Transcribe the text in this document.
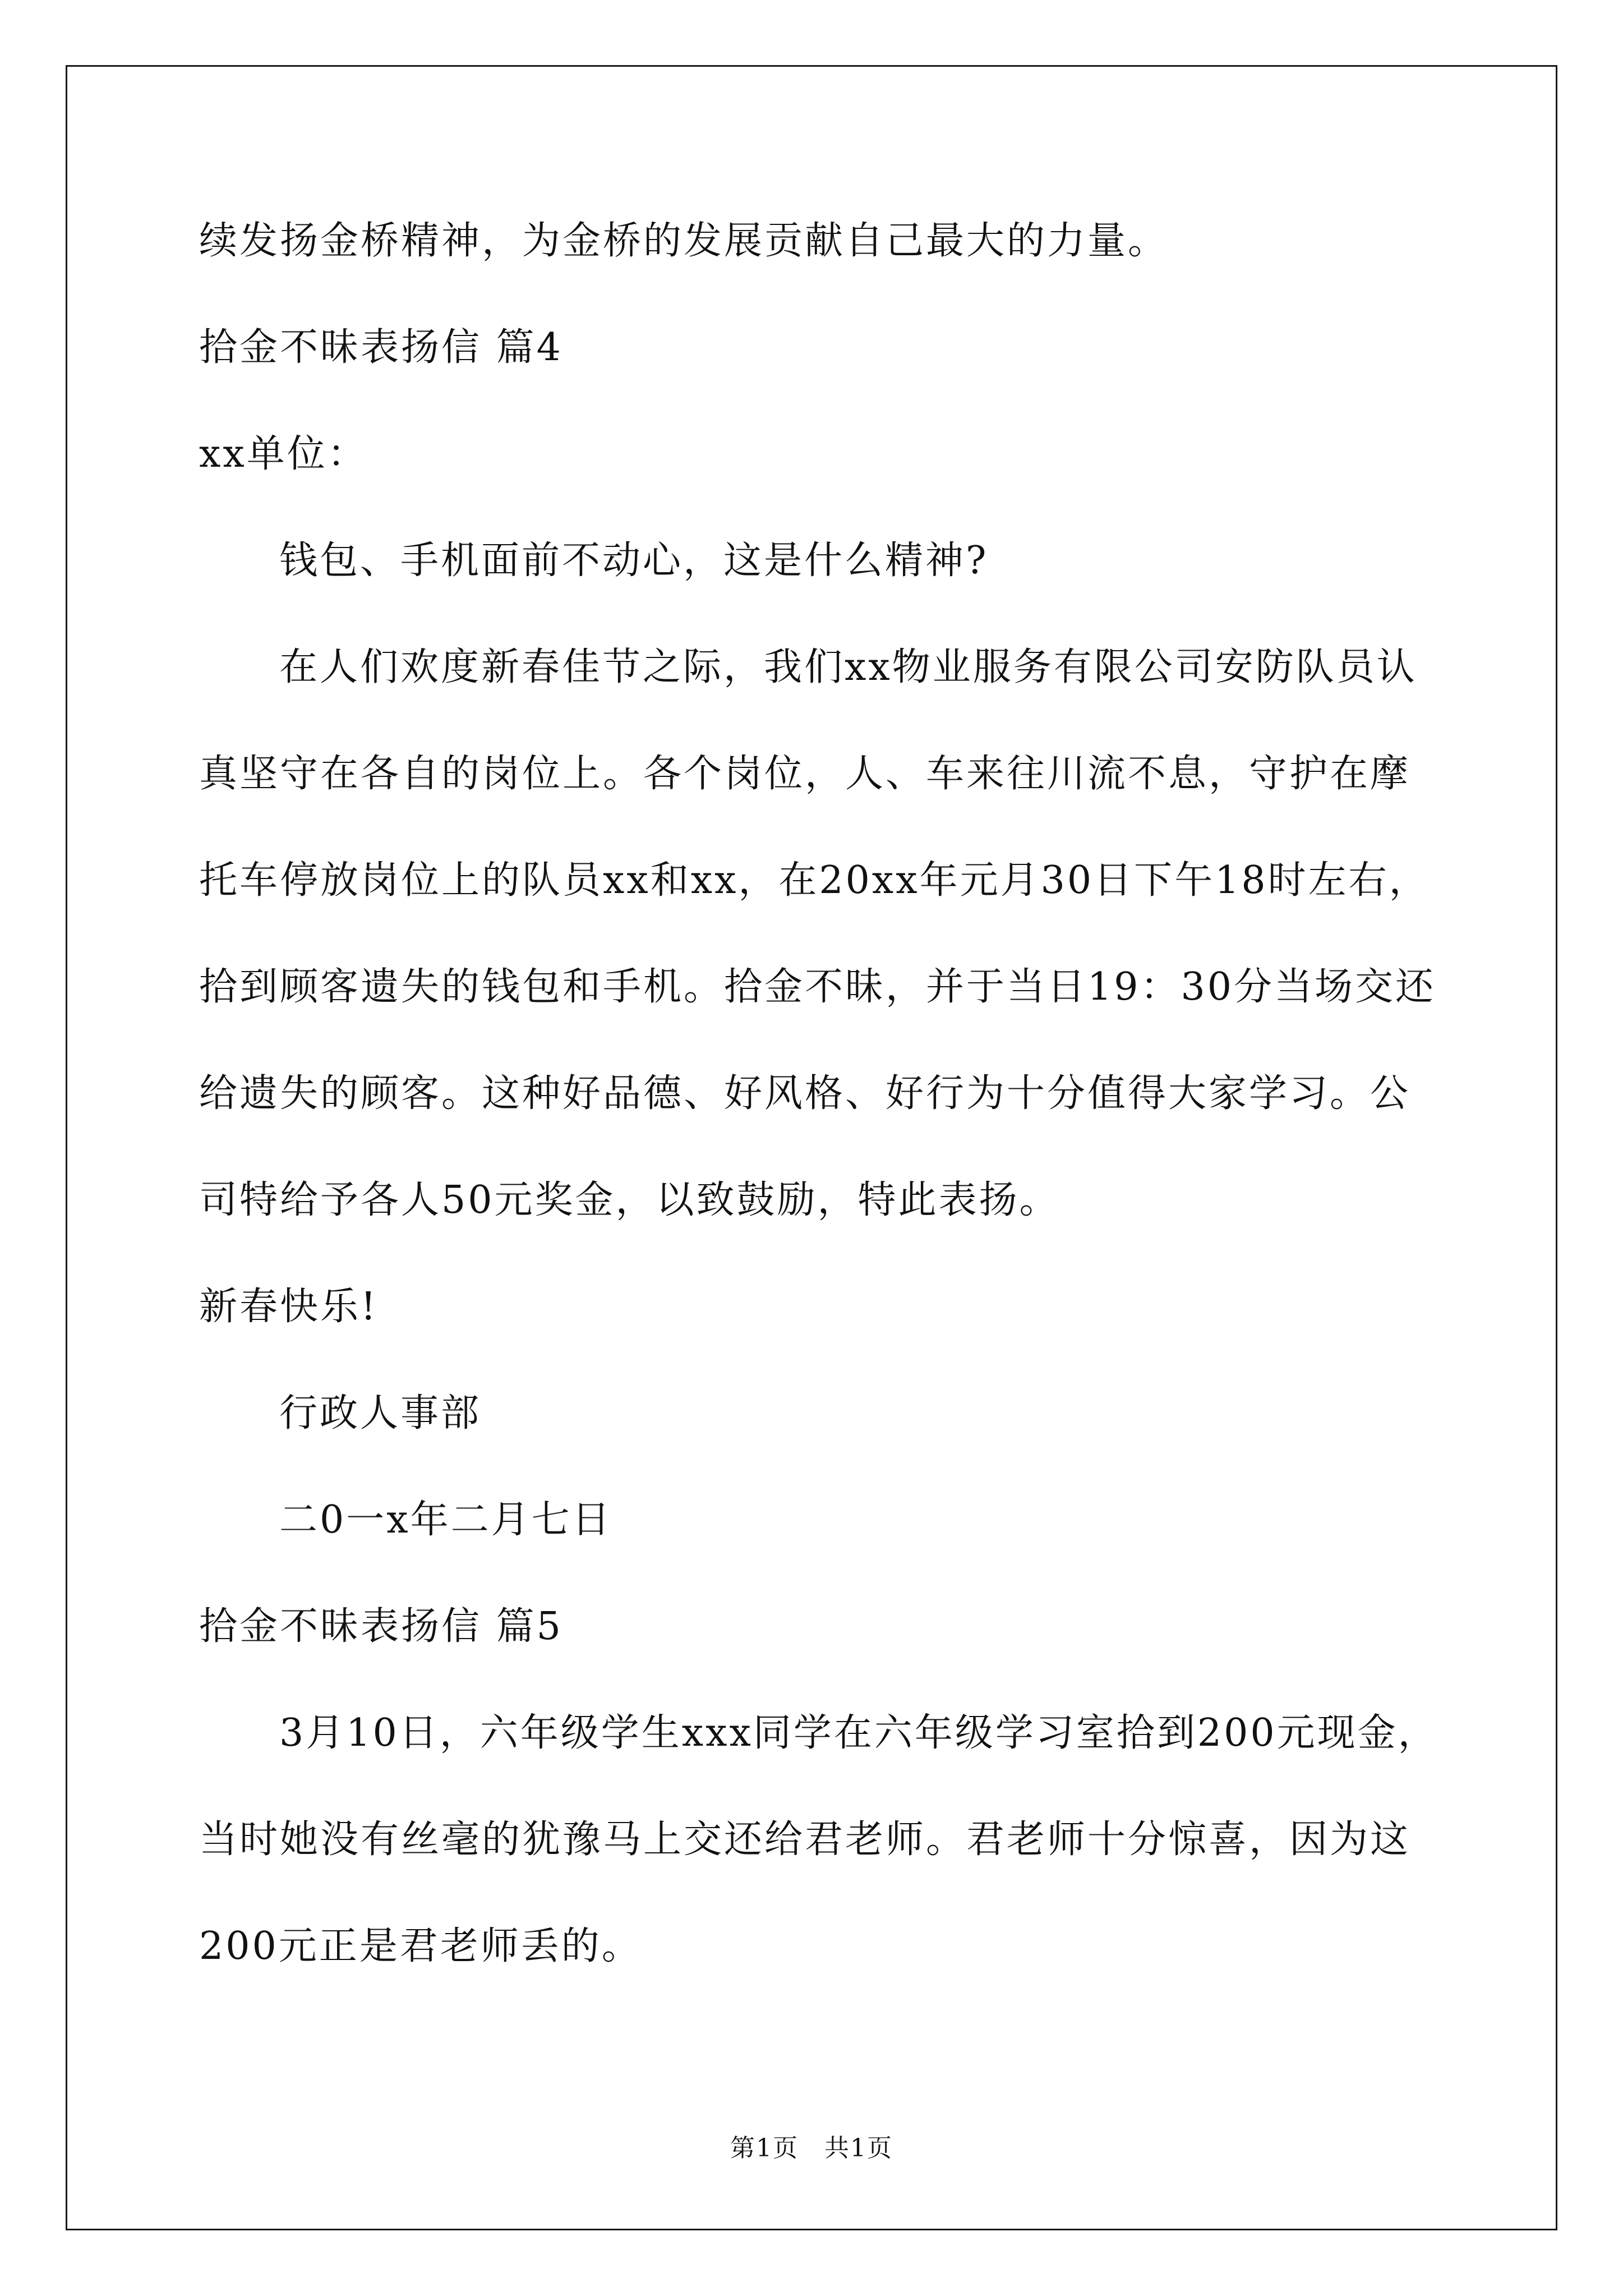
续发扬金桥精神，为金桥的发展贡献自己最大的力量。
拾金不昧表扬信 篇4
xx单位：
钱包、手机面前不动心，这是什么精神?
在人们欢度新春佳节之际，我们xx物业服务有限公司安防队员认
真坚守在各自的岗位上。各个岗位，人、车来往川流不息，守护在摩
托车停放岗位上的队员xx和xx，在20xx年元月30日下午18时左右，
拾到顾客遗失的钱包和手机。拾金不昧，并于当日19：30分当场交还
给遗失的顾客。这种好品德、好风格、好行为十分值得大家学习。公
司特给予各人50元奖金，以致鼓励，特此表扬。
新春快乐!
行政人事部
二0一x年二月七日
拾金不昧表扬信 篇5
3月10日，六年级学生xxx同学在六年级学习室拾到200元现金，
当时她没有丝毫的犹豫马上交还给君老师。君老师十分惊喜，因为这
200元正是君老师丢的。
第1页　共1页
